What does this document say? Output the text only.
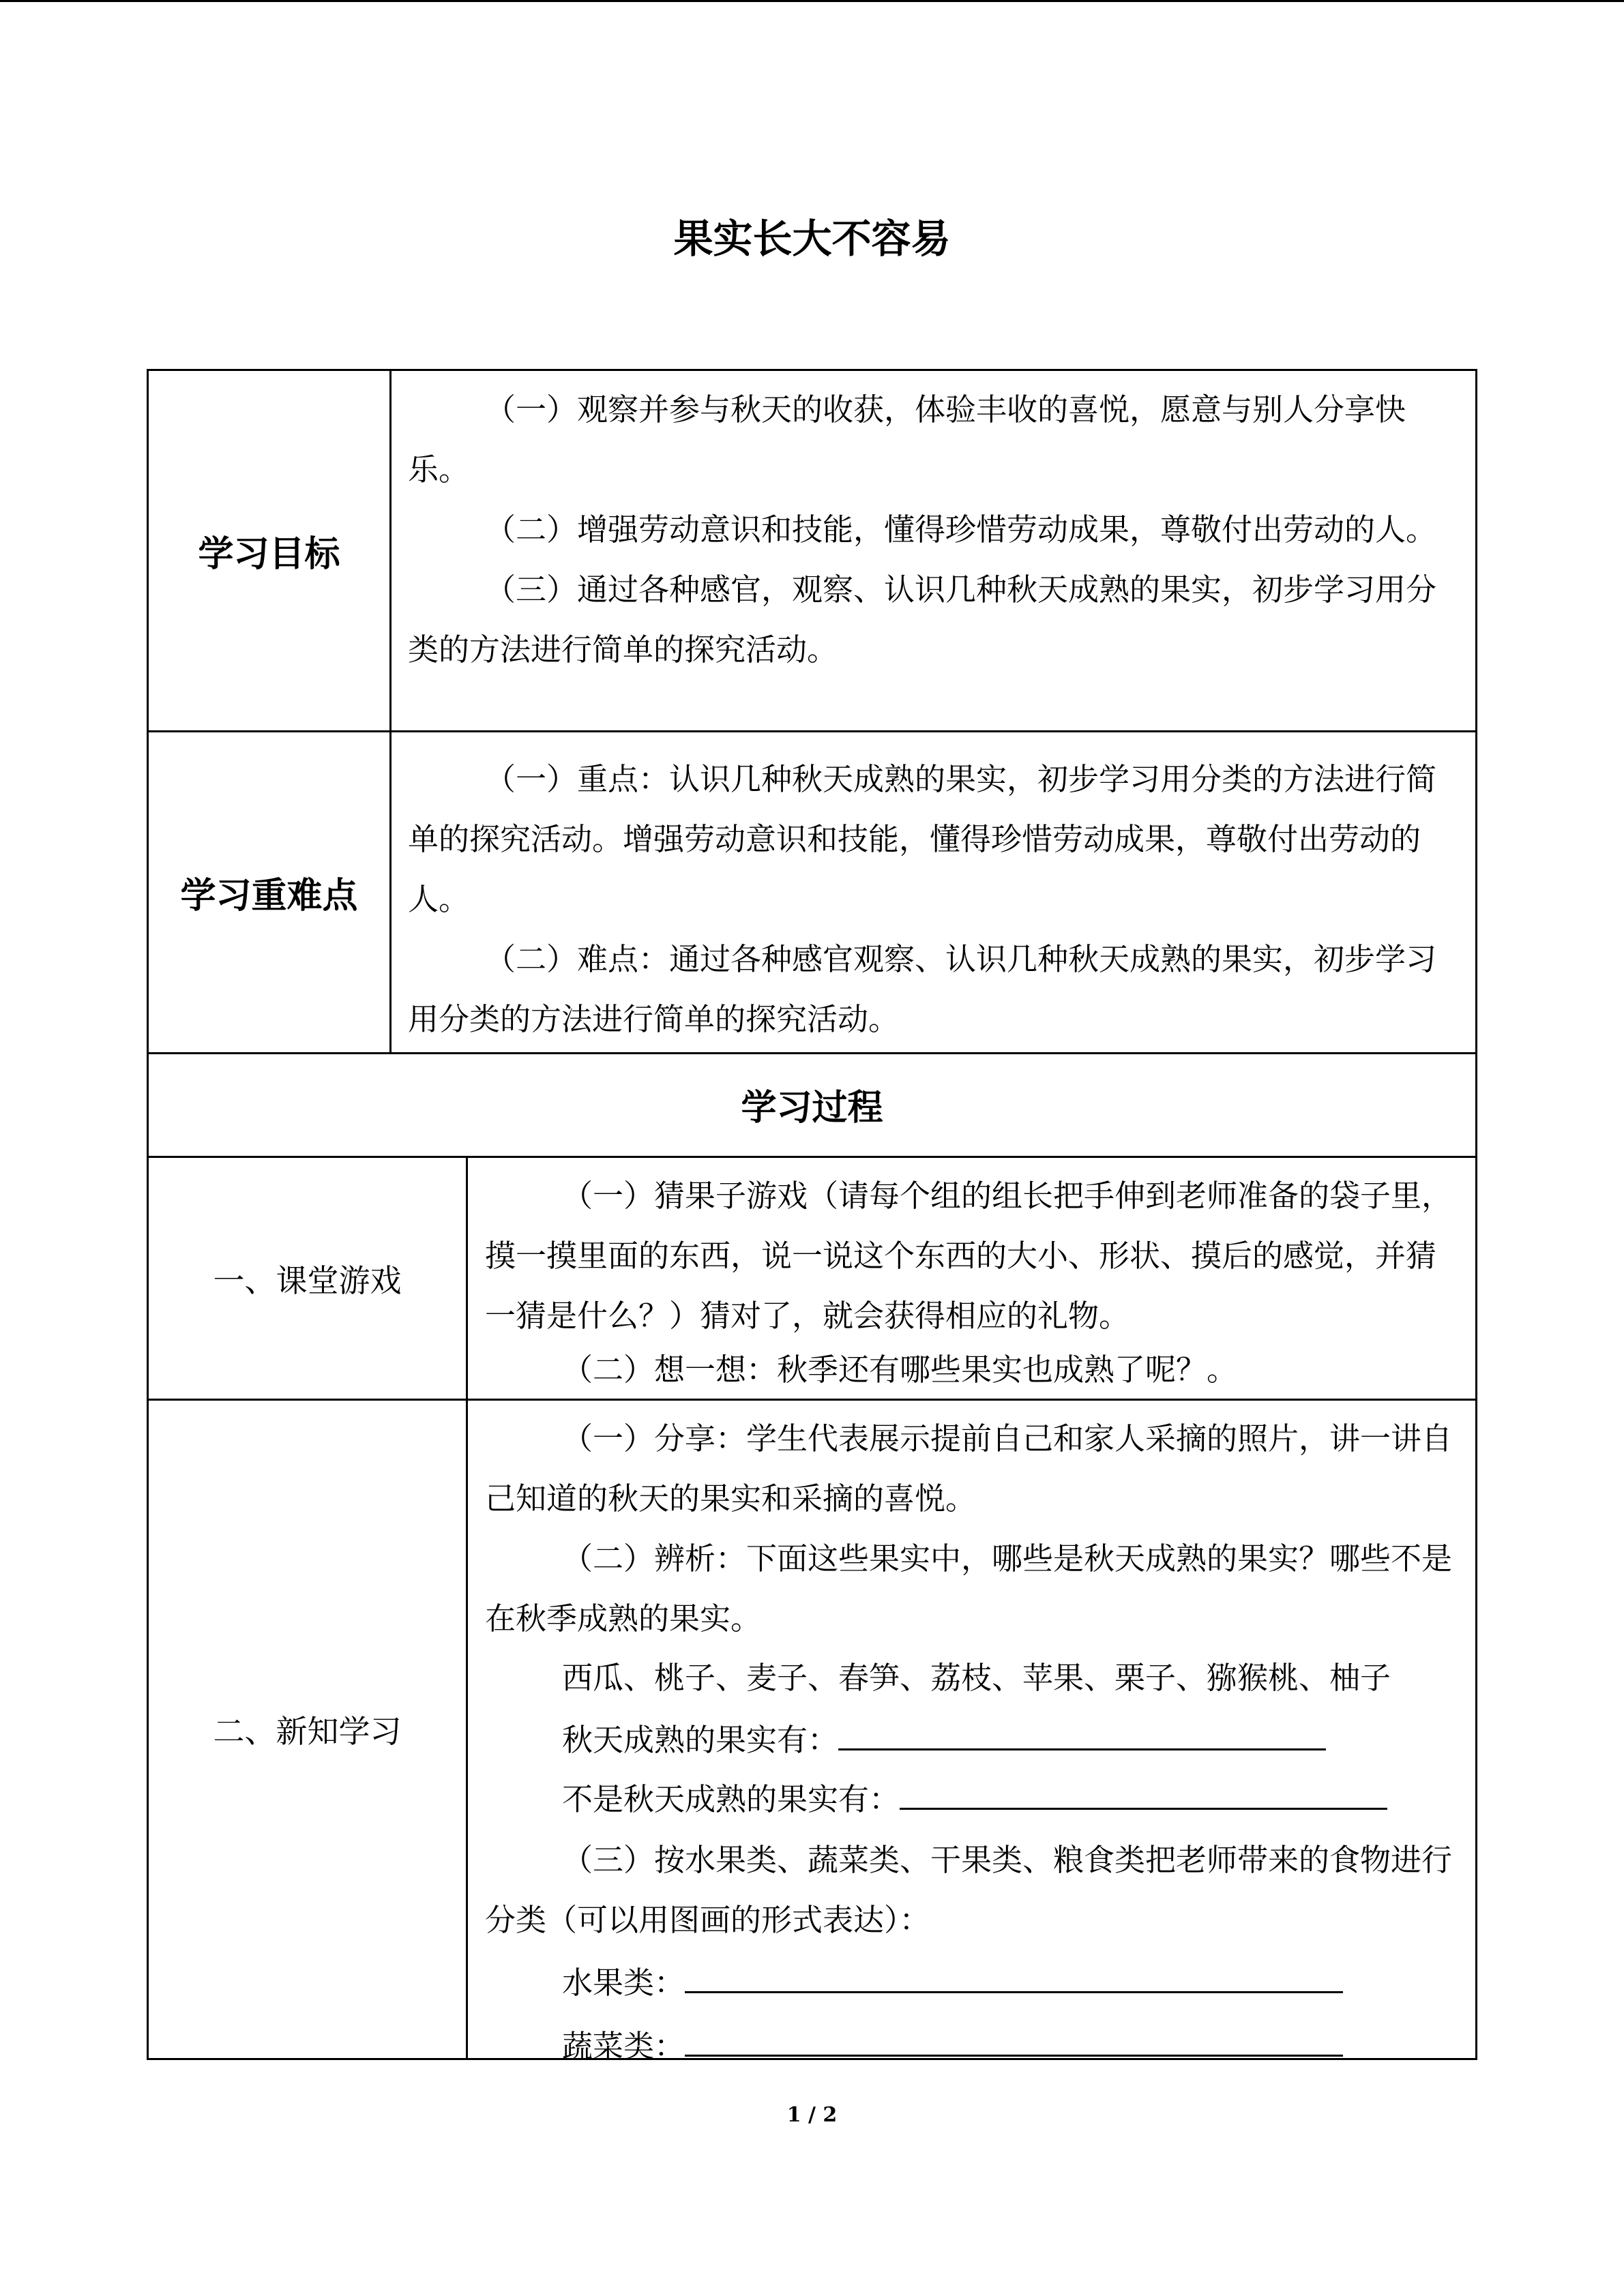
果实长大不容易
学习目标

（一）观察并参与秋天的收获，体验丰收的喜悦，愿意与别人分享快乐。

（二）增强劳动意识和技能，懂得珍惜劳动成果，尊敬付出劳动的人。

（三）通过各种感官，观察、认识几种秋天成熟的果实，初步学习用分类的方法进行简单的探究活动。

学习重难点

（一）重点：认识几种秋天成熟的果实，初步学习用分类的方法进行简单的探究活动。增强劳动意识和技能，懂得珍惜劳动成果，尊敬付出劳动的人。

（二）难点：通过各种感官观察、认识几种秋天成熟的果实，初步学习用分类的方法进行简单的探究活动。

学习过程
一、课堂游戏

（一）猜果子游戏（请每个组的组长把手伸到老师准备的袋子里，摸一摸里面的东西，说一说这个东西的大小、形状、摸后的感觉，并猜一猜是什么？）猜对了，就会获得相应的礼物。

（二）想一想：秋季还有哪些果实也成熟了呢？。

二、新知学习

（一）分享：学生代表展示提前自己和家人采摘的照片，讲一讲自己知道的秋天的果实和采摘的喜悦。

（二）辨析：下面这些果实中，哪些是秋天成熟的果实？哪些不是在秋季成熟的果实。

西瓜、桃子、麦子、春笋、荔枝、苹果、栗子、猕猴桃、柚子

秋天成熟的果实有：

不是秋天成熟的果实有：

（三）按水果类、蔬菜类、干果类、粮食类把老师带来的食物进行分类（可以用图画的形式表达）：

水果类：

蔬菜类：

1 / 2
